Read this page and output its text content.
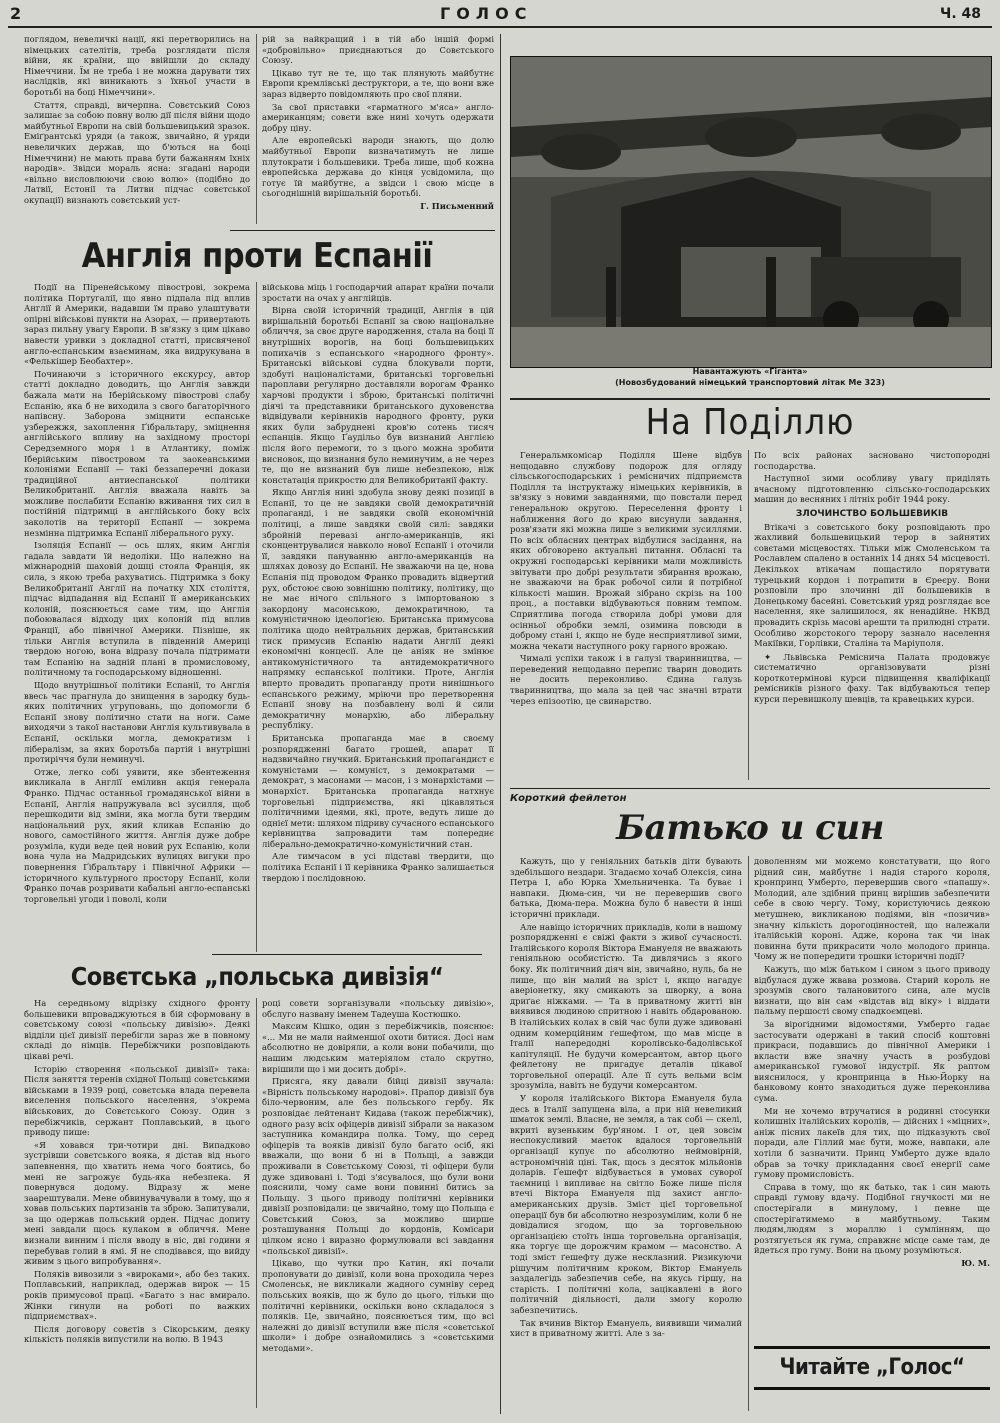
2	ГОЛОС	Ч. 48

поглядом, невеличкі нації, які перетворились на німецьких сателітів, треба розглядати після війни, як країни, що ввійшли до складу Німеччини. Їм не треба і не можна дарувати тих наслідків, які виникають з їхньої участи в боротьбі на боці Німеччини».

Стаття, справді, вичерпна. Совєтський Союз залишає за собою повну волю дії після війни щодо майбутньої Европи на свій большевицький зразок. Еміґрантські уряди (а також, звичайно, й уряди невеличких держав, що б'ються на боці Німеччини) не мають права бути бажанням їхніх народів». Звідси мораль ясна: згадані народи «вільно висловлюючи свою волю» (подібно до Латвії, Естонії та Литви підчас совєтської окупації) визнають совєтський уст-

рій за найкращий і в тій або іншій формі «добровільно» приєднаються до Совєтського Союзу.

Цікаво тут не те, що так плянують майбутнє Европи кремлівські деструктори, а те, що вони вже зараз відверто повідомляють про свої пляни.

За свої приставки «гарматного м'яса» англо-американцям; совєти вже нині хочуть одержати добру ціну.

Але европейські народи знають, що долю майбутньої Европи визначатимуть не лише плутократи і большевики. Треба лише, щоб кожна европейська держава до кінця усвідомила, що готує їй майбутнє, а звідси і свою місце в сьогоднішній вирішальній боротьбі.

Г. Письменний

Англія проти Еспанії

Події на Піренейському півострові, зокрема політика Португалії, що явно підпала під вплив Англії й Америки, надавши їм право улаштувати опірні військові пункти на Азорах, — привертають зараз пильну увагу Европи. В зв'язку з цим цікаво навести уривки з докладної статті, присвяченої англо-еспанським взаєминам, яка видрукувана в «Фелькішер Беобахтер».

Починаючи з історичного екскурсу, автор статті докладно доводить, що Англія завжди бажала мати на Іберійському півострові слабу Еспанію, яка б не виходила з свого багаторічного напівсну. Заборона зміцнити еспанське узбережжя, захоплення Ґібральтару, зміцнення англійського впливу на західному просторі Середземного моря і в Атлантику, поміж Іберійським півостровом та заокеанськими колоніями Еспанії — такі беззаперечні докази традиційної антиеспанської політики Великобританії. Англія вважала навіть за можливе послабити Еспанію вживання тих сил в постійній підтримці в англійського боку всіх заколотів на території Еспанії — зокрема незмінна підтримка Еспанії ліберального руху.

Ізоляція Еспанії — ось шлях, яким Англія гадала завдати їй недоліки. Що належно на міжнародній шаховій дошці стояла Франція, як сила, з якою треба рахуватись. Підтримка з боку Великобританії Англії на початку XIX століття, підчас відпадання від Еспанії її американських колоній, пояснюється саме тим, що Англія побоювалася відходу цих колоній під вплив Франції, або північної Америки. Пізніше, як тільки Англія вступила в південній Америці твердою ногою, вона відразу почала підтримати там Еспанію на задній плані в промисловому, політичному та господарському відношенні.

Щодо внутрішньої політики Еспанії, то Англія ввесь час прагнула до знищення в зародку будь-яких політичних угруповань, що допомогли б Еспанії знову політично стати на ноги. Саме виходячи з такої настанови Англія культивувала в Еспанії, оскільки могла, демократизм і лібералізм, за яких боротьба партій і внутрішні протиріччя були неминучі.

Отже, легко собі уявити, яке збентеження викликала в Англії еміливн акція генерала Франко. Підчас останньої громадянської війни в Еспанії, Англія напружувала всі зусилля, щоб перешкодити від зміни, яка могла бути твердим національний рух, який кликав Еспанію до нового, самостійного життя. Англія дуже добре розуміла, куди веде цей новий рух Еспанію, коли вона чула на Мадридських вулицях вигуки про повернення Ґібральтару і Північної Африки — історичного культурного простору Еспанії, коли Франко почав розривати кабальні англо-еспанські торговельні угоди і поволі, коли

військова міць і господарчий апарат країни почали зростати на очах у англійців.

Вірна своїй історичній традиції, Англія в цій вирішальній боротьбі Еспанії за свою національне обличчя, за своє друге народження, стала на боці її внутрішніх ворогів, на боці большевицьких попихачів з еспанського «народного фронту». Британські військові судна блокували порти, здобуті націоналістами, британські торговельні пароплави регулярно доставляли ворогам Франко харчові продукти і зброю, британські політичні діячі та представники британського духовенства відвідували керівників народного фронту, руки яких були забруднені кров'ю сотень тисяч еспанців. Якщо Ґаудільо був визнаний Англією після його перемоги, то з цього можна зробити висновок, що визнання було неминучим, а не через те, що не визнаний був лише небезпекою, ніж констатація прикростю для Великобританії факту.

Якщо Англія нині здобула знову деякі позиції в Еспанії, то це не завдяки своїй демократичній пропаганді, і не завдяки своїй економічній політиці, а лише завдяки своїй силі: завдяки збройній перевазі англо-американців, які сконцентрувалися навколо нової Еспанії і оточили її, завдяки пануванню англо-американців на шляхах довозу до Еспанії. Не зважаючи на це, нова Еспанія під проводом Франко провадить відвертий рух, обстоює свою зовнішню політику, політику, що не має нічого спільного з імпортованою з закордону масонською, демократичною, та комуністичною ідеологією. Британська примусова політика щодо нейтральних держав, британський тиск примусив Еспанію надати Англії деякі економічні концесії. Але це аніяк не змінює антикомуністичного та антидемократичного напрямку еспанської політики. Проте, Англія вперто провадить пропаганду проти нинішнього еспанського режиму, мріючи про перетворення Еспанії знову на позбавлену волі й сили демократичну монархію, або ліберальну республіку.

Британська пропаганда має в своєму розпорядженні багато грошей, апарат її надзвичайно гнучкий. Британський пропагандист є комуністами — комуніст, з демократами — демократ, з масонами — масон, і з монархістами — монархіст. Британська пропаганда натхнує торговельні підприємства, які цікавляться політичними ідеями, які, проте, ведуть лише до однієї мети: шляхом підриву сучасного еспанського керівництва запровадити там попереднє ліберально-демократично-комуністичний стан.

Але тимчасом в усі підставі твердити, що політика Еспанії і її керівника Франко залишається твердою і послідовною.

Совєтська „польська дивізія“

На середньому відрізку східного фронту большевики впроваджуються в бій сформовану в совєтському союзі «польську дивізію». Деякі відділи цієї дивізії перебігли зараз же в повному складі до німців. Перебіжчики розповідають цікаві речі.

Історію створення «польської дивізії» така: Після заняття теренів східної Польщі совєтськими військами в 1939 році, совєтська влада перевела виселення польського населення, з'окрема військових, до Совєтського Союзу. Один з перебіжчиків, сержант Поплавський, в цього приводу пише:

«Я ховався три-чотири дні. Випадково зустрівши совєтського вояка, я дістав від нього запевнення, що хватить нема чого боятись, бо мені не загрожує будь-яка небезпека. Я повернувся додому. Відразу ж мене заарештували. Мене обвинувачували в тому, що я ховав польських партизанів та зброю. Запитували, за що одержав польський орден. Підчас допиту мені завдали щось кулаком в обличчя. Мене визнали винним і після вводу в ніс, дві години я перебував голий в ямі. Я не сподівався, що вийду живим з цього випробування».

Поляків вивозили з «вироками», або без таких. Поплавський, наприклад, одержав вирок — 15 років примусової праці. «Багато з нас вмирало. Жінки гинули на роботі по важких підприємствах».

Після договору совєтів з Сікорським, деяку кількість поляків випустили на волю. В 1943

році совєти зорганізували «польську дивізію», обслуго названу іменем Тадеуша Костюшко.

Максим Кішко, один з перебіжчиків, пояснює: «... Ми не мали найменшої охоти битися. Досі нам абсолютно не довіряли, а коли вони побачили, що нашим людським матеріялом стало скрутно, вирішили що і ми досить добрі».

Присяга, яку давали бійці дивізії звучала: «Вірність польському народові». Прапор дивізії був біло-червоним, але без польського гербу. Як розповідає лейтенант Кидава (також перебіжчик), одного разу всіх офіцерів дивізії зібрали за наказом заступника командира полка. Тому, що серед офіцерів та вояків дивізії було багато осіб, які вважали, що вони б ні в Польщі, а завжди проживали в Совєтському Союзі, ті офіцери були дуже здивовані і. Тоді з'ясувалося, що були вони пояснили, чому саме вони повинні битись за Польщу. З цього приводу політичні керівники дивізії розповідали: це звичайно, тому що Польща є Совєтський Союз, за можливо ширше розташування Польщі до кордонів, Комісари цілком ясно і виразно формулювали всі завдання «польської дивізії».

Цікаво, що чутки про Катин, які почали пропонувати до дивізії, коли вона проходила через Смоленськ, не викликали жадного сумніву серед польських вояків, що ж було до цього, тільки що політичні керівники, оскільки воно складалося з поляків. Це, звичайно, пояснюється тим, що всі належні до дивізії вступили вже після «совєтської школи» і добре ознайомились з «совєтськими методами».

Навантажують «Гіганта»
(Новозбудований німецький транспортовий літак Ме 323)
На Поділлю

Генеральмкомісар Поділля Шене відбув нещодавно службову подорож для огляду сільськогосподарських і ремісничих підприємств Поділля та інструктажу німецьких керівників, в зв'язку з новими завданнями, що повстали перед генеральною округою. Переселення фронту і наближення його до краю висунули завдання, розв'язати які можна лише з великими зусиллями. По всіх обласних центрах відбулися засідання, на яких обговорено актуальні питання. Обласні та окружні господарські керівники мали можливість звітувати про добрі результати збирання врожаю, не зважаючи на брак робочої сили й потрібної кількості машин. Врожай зібрано скрізь на 100 проц., а поставки відбуваються повним темпом. Сприятлива погода створила добрі умови для осінньої обробки землі, озимина повсюди в доброму стані і, якщо не буде несприятливої зими, можна чекати наступного року гарного врожаю.

Чималі успіхи також і в галузі тваринництва, — переведений нещодавно перепис тварин доводить не досить переконливо. Єдина галузь тваринництва, що мала за цей час значні втрати через епізоотію, це свинарство.

По всіх районах засновано чистопородні господарства.

Наступної зими особливу увагу приділять вчасному підготовленню сільсько-господарських машин до весняних і літніх робіт 1944 року.

ЗЛОЧИНСТВО БОЛЬШЕВИКІВ

Втікачі з совєтського боку розповідають про жахливий большевицький терор в зайнятих совєтами місцевостях. Тільки між Смоленськом та Рославлем спалено в останніх 14 днях 54 місцевості. Декількох втікачам пощастило порятувати турецький кордон і потрапити в Єреєру. Вони розповіли про злочинні дії большевиків в Донецькому басейні. Совєтський уряд розглядає все населення, яке залишилося, як ненадійне. НКВД провадить скрізь масові арешти та прилюдні страти. Особливо жорстокого терору зазнало населення Макіївки, Горлівки, Сталіна та Маріуполя.

✦ Львівська Реміснича Палата продовжує систематично організовувати різні короткотермінові курси підвищення кваліфікації ремісників різного фаху. Так відбуваються тепер курси перевишколу шевців, та кравецьких курси.

Короткий фейлетон
Батько и син

Кажуть, що у геніяльних батьків діти бувають здебільшого нездари. Згадаємо хочаб Олексія, сина Петра І, або Юрка Хмельниченка. Та буває і навпаки. Дюма-син, чи не перевершив свого батька, Дюма-пера. Можна було б навести й інші історичні приклади.

Але навіщо історичних прикладів, коли в нашому розпорядженні є свіжі факти з живої сучасності. Італійського короля Віктора Емануеля не вважають геніяльною особистістю. Та дивлячись з якого боку. Як політичний діяч він, звичайно, нуль, ба не лише, що він малий на зріст і, якщо нагадує аверіонетку, яку смикають за шворку, а вона дриґає ніжками. — Та в приватному житті він виявився людиною спритною і навіть обдарованою. В італійських колах в свій час були дуже здивовані одним комерційним ґешефтом, що мав місце в Італії напередодні королівсько-бадолівської капітуляції. Не будучи комерсантом, автор цього фейлетону не пригадує деталів цікавої торговельної операції. Але її суть вельми всім зрозуміла, навіть не будучи комерсантом.

У короля італійського Віктора Емануеля була десь в Італії запущена віла, а при ній невеликий шматок землі. Власне, не земля, а так собі — скелі, вкриті вузеньким бур'яном. І от, цей зовсім неспокусливий маєток вдалося торговельній організації купує по абсолютно неймовірній, астрономічній ціні. Так, щось з десяток мільйонів доларів. Ґешефт відбувається в умовах суворої таємниці і випливає на світло Боже лише після втечі Віктора Емануеля під захист англо-американських друзів. Зміст цієї торговельної операції був би абсолютно незрозумілим, коли б не довідалися згодом, що за торговельною організацією стоїть інша торговельна організація, яка торгує ще дорожчим крамом — масонство. А тоді зміст ґешефту дуже несклазний. Ризикуючи рішучим політичним кроком, Віктор Емануель заздалегідь забезпечив себе, на якусь гіршу, на старість. І політичні кола, зацікавлені в його політичній діяльності, дали змогу королю забезпечитись.

Так вчинив Віктор Емануель, виявивши чималий хист в приватному житті. Але з за-

доволенням ми можемо констатувати, що його рідний син, майбутнє і надія старого короля, кронпринц Умберто, перевершив свого «папашу». Молодий, але здібний принц вирішив забезпечити себе в свою черґу. Тому, користуючись деякою метушнею, викликаною подіями, він «позичив» значну кількість дорогоцінностей, що належали італійській короні. Адже, корона так чи інак повинна бути прикрасити чоло молодого принца. Чому ж не попередити трошки історичні події?

Кажуть, що між батьком і сином з цього приводу відбулася дуже жвава розмова. Старий король не зрозумів свого талановитого сина, але мусів визнати, що він сам «відстав від віку» і віддати пальму першості свому спадкоємцеві.

За вірогідними відомостями, Умберто гадає застосувати одержані в такий спосіб коштовні прикраси, подавшись до північної Америки і вкласти вже значну участь в розбудові американської гумової індустрії. Як раптом вияснилося, у кронпринца в Нью-Йорку на банковому конто знаходиться дуже переконлива сума.

Ми не хочемо втручатися в родинні стосунки колишніх італійських королів, — дійсних і «міцних», аніж пісних лакеїв для тих, що підказують свої поради, але Гіллий має бути, може, навпаки, але хотіли б зазначити. Принц Умберто дуже вдало обрав за точку прикладання своєї енергії саме гумову промисловість.

Справа в тому, що як батько, так і син мають справді гумову вдачу. Подібної гнучкості ми не спостерігали в минулому, і певне ще спостерігатимемо в майбутньому. Таким людям,людям з мораллю і сумлінням, що розтягується як гума, справжнє місце саме там, де йдеться про гуму. Вони на цьому розуміються.

Ю. М.

Читайте „Голос“
